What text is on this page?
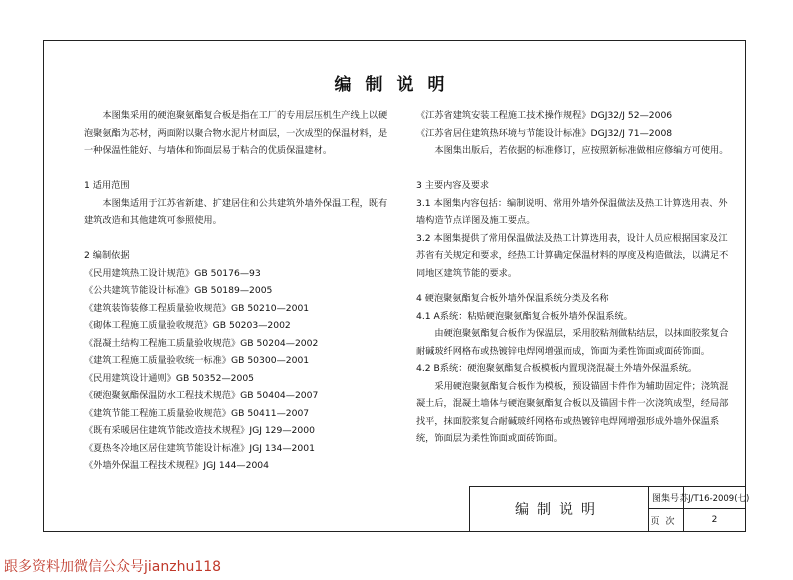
编制说明

本图集采用的硬泡聚氨酯复合板是指在工厂的专用层压机生产线上以硬泡聚氨酯为芯材，两面附以聚合物水泥片材面层，一次成型的保温材料，是一种保温性能好、与墙体和饰面层易于粘合的优质保温建材。

1 适用范围

本图集适用于江苏省新建、扩建居住和公共建筑外墙外保温工程，既有建筑改造和其他建筑可参照使用。

2 编制依据

《民用建筑热工设计规范》GB 50176—93

《公共建筑节能设计标准》GB 50189—2005

《建筑装饰装修工程质量验收规范》GB 50210—2001

《砌体工程施工质量验收规范》GB 50203—2002

《混凝土结构工程施工质量验收规范》GB 50204—2002

《建筑工程施工质量验收统一标准》GB 50300—2001

《民用建筑设计通则》GB 50352—2005

《硬泡聚氨酯保温防水工程技术规范》GB 50404—2007

《建筑节能工程施工质量验收规范》GB 50411—2007

《既有采暖居住建筑节能改造技术规程》JGJ 129—2000

《夏热冬冷地区居住建筑节能设计标准》JGJ 134—2001

《外墙外保温工程技术规程》JGJ 144—2004

《江苏省建筑安装工程施工技术操作规程》DGJ32/J 52—2006

《江苏省居住建筑热环境与节能设计标准》DGJ32/J 71—2008

本图集出版后，若依据的标准修订，应按照新标准做相应修编方可使用。

3 主要内容及要求

3.1 本图集内容包括：编制说明、常用外墙外保温做法及热工计算选用表、外墙构造节点详图及施工要点。

3.2 本图集提供了常用保温做法及热工计算选用表，设计人员应根据国家及江苏省有关规定和要求，经热工计算确定保温材料的厚度及构造做法，以满足不同地区建筑节能的要求。

4 硬泡聚氨酯复合板外墙外保温系统分类及名称

4.1 A系统：粘贴硬泡聚氨酯复合板外墙外保温系统。

由硬泡聚氨酯复合板作为保温层，采用胶粘剂做粘结层，以抹面胶浆复合耐碱玻纤网格布或热镀锌电焊网增强而成，饰面为柔性饰面或面砖饰面。

4.2 B系统：硬泡聚氨酯复合板模板内置现浇混凝土外墙外保温系统。

采用硬泡聚氨酯复合板作为模板，预设锚固卡件作为辅助固定件；浇筑混凝土后，混凝土墙体与硬泡聚氨酯复合板以及锚固卡件一次浇筑成型，经局部找平，抹面胶浆复合耐碱玻纤网格布或热镀锌电焊网增强形成外墙外保温系统，饰面层为柔性饰面或面砖饰面。

编制说明
图集号 苏J/T16-2009(七)
页次	2
跟多资料加微信公众号jianzhu118
